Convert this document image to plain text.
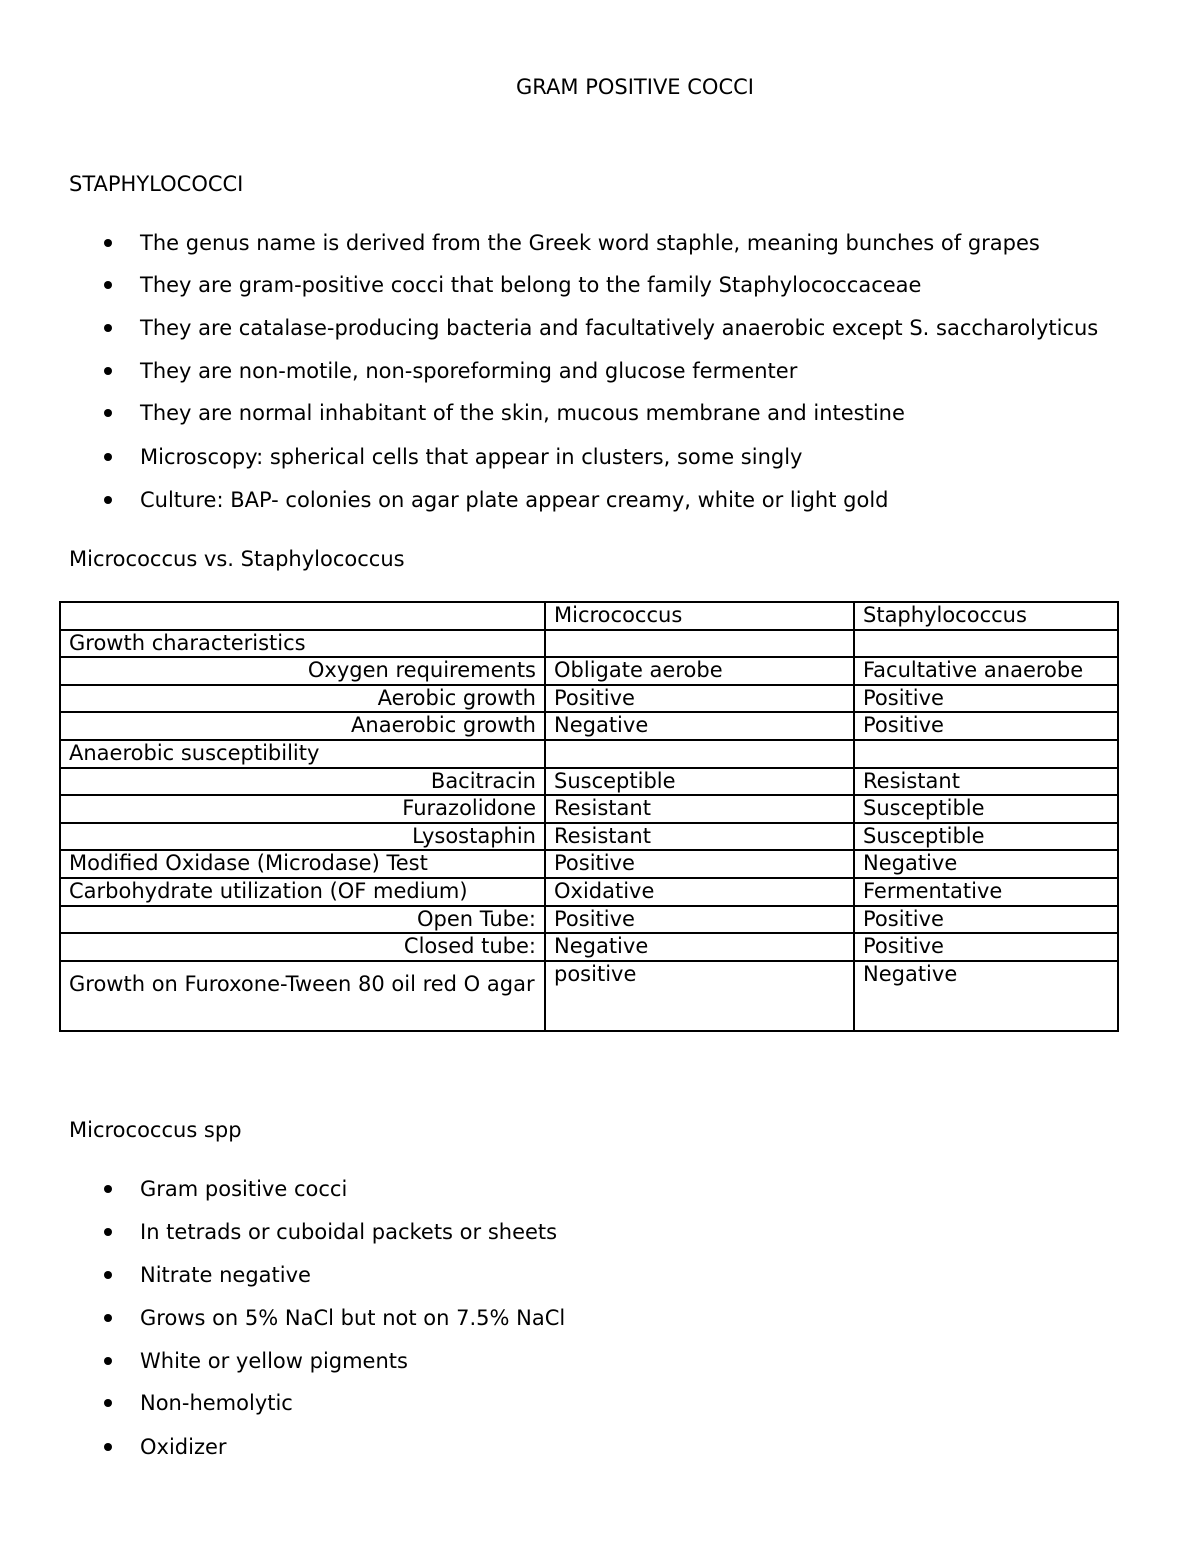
GRAM POSITIVE COCCI
STAPHYLOCOCCI
The genus name is derived from the Greek word staphle, meaning bunches of grapes
They are gram-positive cocci that belong to the family Staphylococcaceae
They are catalase-producing bacteria and facultatively anaerobic except S. saccharolyticus
They are non-motile, non-sporeforming and glucose fermenter
They are normal inhabitant of the skin, mucous membrane and intestine
Microscopy: spherical cells that appear in clusters, some singly
Culture: BAP- colonies on agar plate appear creamy, white or light gold
Micrococcus vs. Staphylococcus
	Micrococcus	Staphylococcus
Growth characteristics		
Oxygen requirements	Obligate aerobe	Facultative anaerobe
Aerobic growth	Positive	Positive
Anaerobic growth	Negative	Positive
Anaerobic susceptibility		
Bacitracin	Susceptible	Resistant
Furazolidone	Resistant	Susceptible
Lysostaphin	Resistant	Susceptible
Modified Oxidase (Microdase) Test	Positive	Negative
Carbohydrate utilization (OF medium)	Oxidative	Fermentative
Open Tube:	Positive	Positive
Closed tube:	Negative	Positive
Growth on Furoxone-Tween 80 oil red O agar	positive	Negative
Micrococcus spp
Gram positive cocci
In tetrads or cuboidal packets or sheets
Nitrate negative
Grows on 5% NaCl but not on 7.5% NaCl
White or yellow pigments
Non-hemolytic
Oxidizer
